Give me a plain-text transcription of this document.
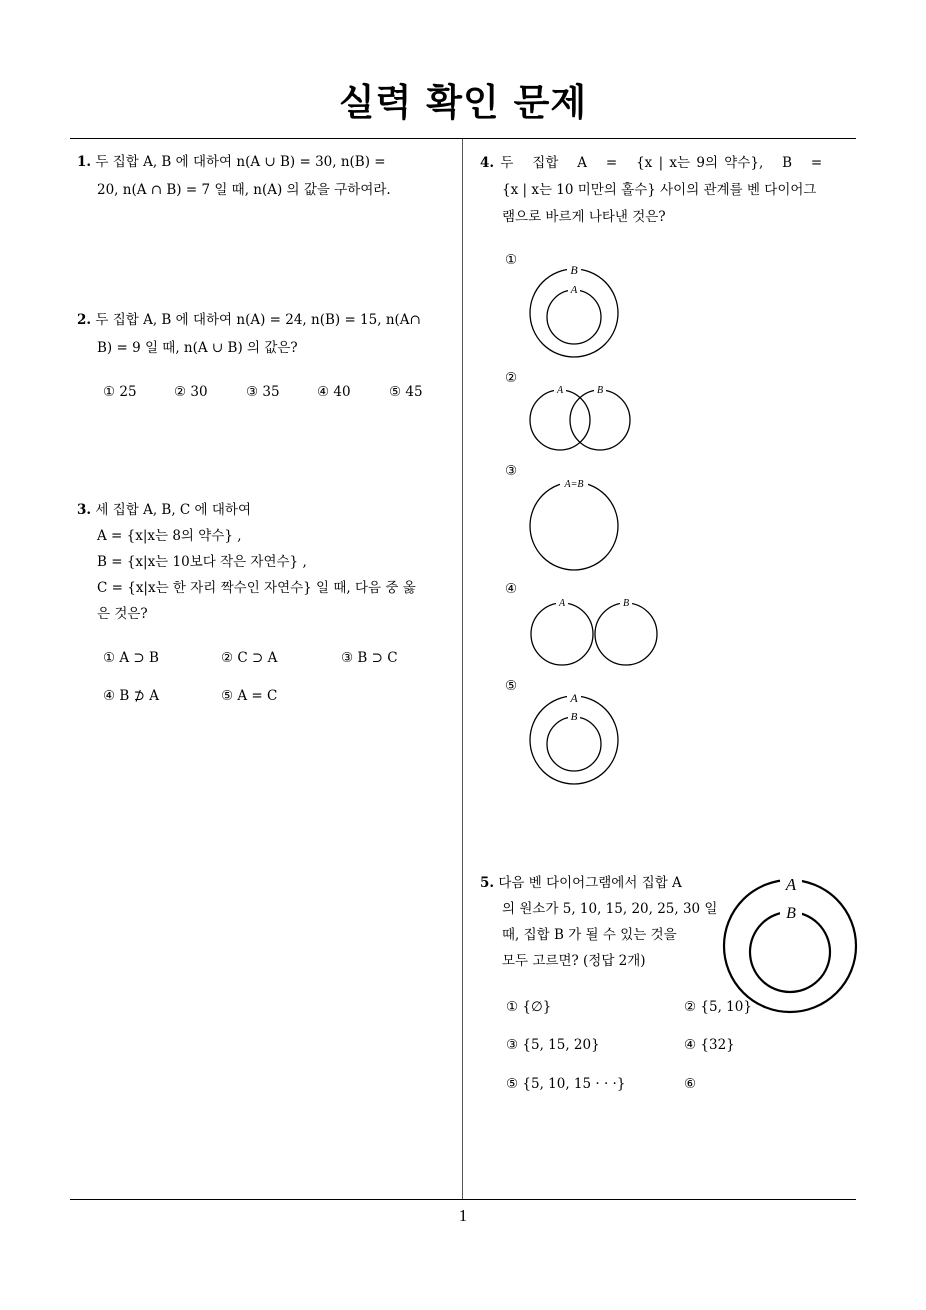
실력 확인 문제
1. 두 집합 A, B 에 대하여 n(A ∪ B) = 30, n(B) =
20, n(A ∩ B) = 7 일 때, n(A) 의 값을 구하여라.
2. 두 집합 A, B 에 대하여 n(A) = 24, n(B) = 15, n(A∩
B) = 9 일 때, n(A ∪ B) 의 값은?
① 25	② 30	③ 35	④ 40	⑤ 45
3. 세 집합 A, B, C 에 대하여
A = {x|x는 8의 약수} ,
B = {x|x는 10보다 작은 자연수} ,
C = {x|x는 한 자리 짝수인 자연수} 일 때, 다음 중 옳
은 것은?
① A ⊃ B	② C ⊃ A	③ B ⊃ C
④ B ⊅ A	⑤ A = C
4. 두   집합   A   =   {x | x는 9의 약수},   B   =
{x | x는 10 미만의 홀수} 사이의 관계를 벤 다이어그
램으로 바르게 나타낸 것은?
①
②
③
④
⑤
B
A
A	B
A=B
A	B
A
B
5. 다음 벤 다이어그램에서 집합 A
의 원소가 5, 10, 15, 20, 25, 30 일
때, 집합 B 가 될 수 있는 것을
모두 고르면? (정답 2개)
A
B
① {∅}	② {5, 10}
③ {5, 15, 20}	④ {32}
⑤ {5, 10, 15 · · ·}	⑥
1
